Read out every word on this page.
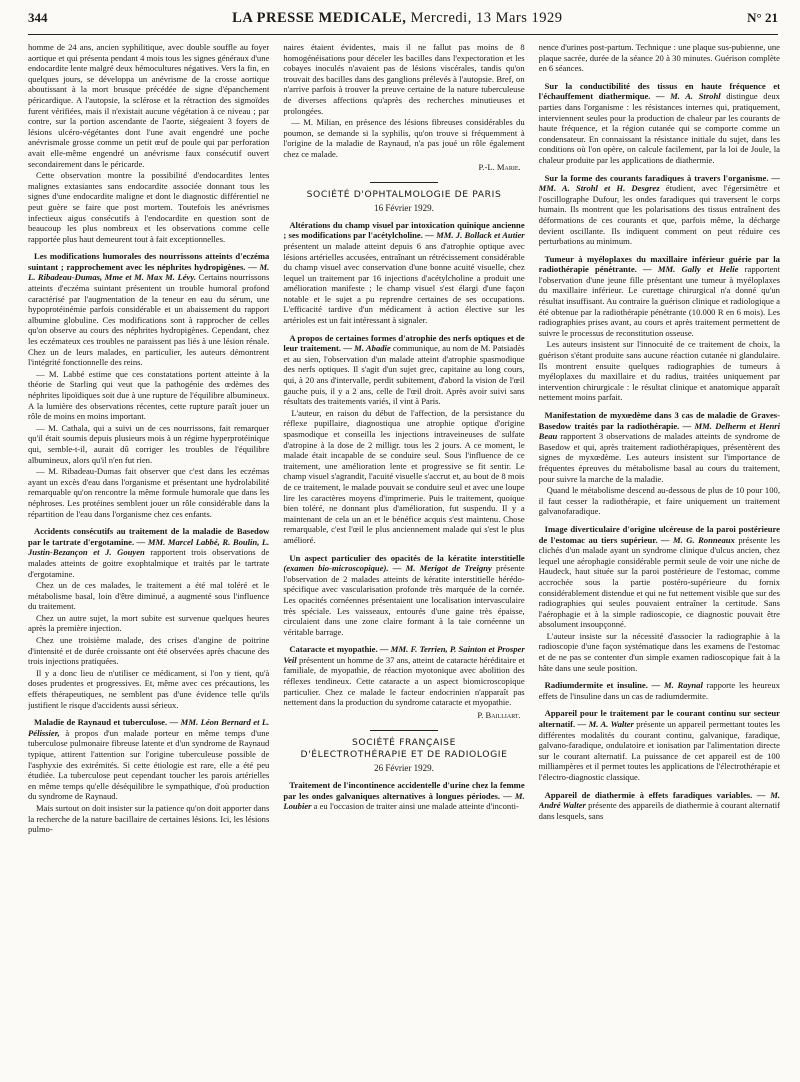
344	LA PRESSE MEDICALE, Mercredi, 13 Mars 1929	N° 21

homme de 24 ans, ancien syphilitique, avec double souffle au foyer aortique et qui présenta pendant 4 mois tous les signes généraux d'une endocardite lente malgré deux hémocultures négatives. Vers la fin, en quelques jours, se développa un anévrisme de la crosse aortique aboutissant à la mort brusque précédée de signe d'épanchement péricardique. A l'autopsie, la sclérose et la rétraction des sigmoïdes furent vérifiées, mais il n'existait aucune végétation à ce niveau ; par contre, sur la portion ascendante de l'aorte, siégeaient 3 foyers de lésions ulcéro-végétantes dont l'une avait engendré une poche anévrismale grosse comme un petit œuf de poule qui par perforation avait elle-même engendré un anévrisme faux consécutif ouvert secondairement dans le péricarde.

Cette observation montre la possibilité d'endocardites lentes malignes extasiantes sans endocardite associée donnant tous les signes d'une endocardite maligne et dont le diagnostic différentiel ne peut guère se faire que post mortem. Toutefois les anévrismes infectieux aigus consécutifs à l'endocardite en question sont de beaucoup les plus nombreux et les observations comme celle rapportée plus haut demeurent tout à fait exceptionnelles.

Les modifications humorales des nourrissons atteints d'eczéma suintant ; rapprochement avec les néphrites hydropigènes. — M. L. Ribadeau-Dumas, Mme et M. Max M. Lévy. Certains nourrissons atteints d'eczéma suintant présentent un trouble humoral profond caractérisé par l'augmentation de la teneur en eau du sérum, une hypoprotéinémie parfois considérable et un abaissement du rapport albumine globuline. Ces modifications sont à rapprocher de celles qu'on observe au cours des néphrites hydropigènes. Cependant, chez les eczémateux ces troubles ne paraissent pas liés à une lésion rénale. Chez un de leurs malades, en particulier, les auteurs démontrent l'intégrité fonctionnelle des reins.

— M. Labbé estime que ces constatations portent atteinte à la théorie de Starling qui veut que la pathogénie des œdèmes des néphrites lipoïdiques soit due à une rupture de l'équilibre albumineux. A la lumière des observations récentes, cette rupture paraît jouer un rôle de moins en moins important.

— M. Cathala, qui a suivi un de ces nourrissons, fait remarquer qu'il était soumis depuis plusieurs mois à un régime hyperprotéinique qui, semble-t-il, aurait dû corriger les troubles de l'équilibre albumineux, alors qu'il n'en fut rien.

— M. Ribadeau-Dumas fait observer que c'est dans les eczémas ayant un excès d'eau dans l'organisme et présentant une hydrolabilité remarquable qu'on rencontre la même formule humorale que dans les néphroses. Les protéines semblent jouer un rôle considérable dans la répartition de l'eau dans l'organisme chez ces enfants.

Accidents consécutifs au traitement de la maladie de Basedow par le tartrate d'ergotamine. — MM. Marcel Labbé, R. Boulin, L. Justin-Bezançon et J. Gouyen rapportent trois observations de malades atteints de goitre exophtalmique et traités par le tartrate d'ergotamine.

Chez un de ces malades, le traitement a été mal toléré et le métabolisme basal, loin d'être diminué, a augmenté sous l'influence du traitement.

Chez un autre sujet, la mort subite est survenue quelques heures après la première injection.

Chez une troisième malade, des crises d'angine de poitrine d'intensité et de durée croissante ont été observées après chacune des trois injections pratiquées.

Il y a donc lieu de n'utiliser ce médicament, si l'on y tient, qu'à doses prudentes et progressives. Et, même avec ces précautions, les effets thérapeutiques, ne semblent pas d'une évidence telle qu'ils justifient le risque d'accidents aussi sérieux.

Maladie de Raynaud et tuberculose. — MM. Léon Bernard et L. Pélissier, à propos d'un malade porteur en même temps d'une tuberculose pulmonaire fibreuse latente et d'un syndrome de Raynaud typique, attirent l'attention sur l'origine tuberculeuse possible de l'asphyxie des extrémités. Si cette étiologie est rare, elle a été peu étudiée. La tuberculose peut cependant toucher les parois artérielles en même temps qu'elle déséquilibre le sympathique, d'où production du syndrome de Raynaud.

Mais surtout on doit insister sur la patience qu'on doit apporter dans la recherche de la nature bacillaire de certaines lésions. Ici, les lésions pulmo-

naires étaient évidentes, mais il ne fallut pas moins de 8 homogénéisations pour déceler les bacilles dans l'expectoration et les cobayes inoculés n'avaient pas de lésions viscérales, tandis qu'on trouvait des bacilles dans des ganglions prélevés à l'autopsie. Bref, on n'arrive parfois à trouver la preuve certaine de la nature tuberculeuse de diverses affections qu'après des recherches minutieuses et prolongées.

— M. Milian, en présence des lésions fibreuses considérables du poumon, se demande si la syphilis, qu'on trouve si fréquemment à l'origine de la maladie de Raynaud, n'a pas joué un rôle également chez ce malade.

P.-L. Marie.
SOCIÉTÉ D'OPHTALMOLOGIE DE PARIS
16 Février 1929.

Altérations du champ visuel par intoxication quinique ancienne ; ses modifications par l'acétylcholine. — MM. J. Bollack et Autier présentent un malade atteint depuis 6 ans d'atrophie optique avec lésions artérielles accusées, entraînant un rétrécissement considérable du champ visuel avec conservation d'une bonne acuité visuelle, chez lequel un traitement par 16 injections d'acétylcholine a produit une amélioration manifeste ; le champ visuel s'est élargi d'une façon notable et le sujet a pu reprendre certaines de ses occupations. L'efficacité tardive d'un médicament à action élective sur les artérioles est un fait intéressant à signaler.

A propos de certaines formes d'atrophie des nerfs optiques et de leur traitement. — M. Abadie communique, au nom de M. Patsiadès et au sien, l'observation d'un malade atteint d'atrophie spasmodique des nerfs optiques. Il s'agit d'un sujet grec, capitaine au long cours, qui, à 20 ans d'intervalle, perdit subitement, d'abord la vision de l'œil gauche puis, il y a 2 ans, celle de l'œil droit. Après avoir suivi sans résultats des traitements variés, il vint à Paris.

L'auteur, en raison du début de l'affection, de la persistance du réflexe pupillaire, diagnostiqua une atrophie optique d'origine spasmodique et conseilla les injections intraveineuses de sulfate d'atropine à la dose de 2 milligr. tous les 2 jours. A ce moment, le malade était incapable de se conduire seul. Sous l'influence de ce traitement, une amélioration lente et progressive se fit sentir. Le champ visuel s'agrandit, l'acuité visuelle s'accrut et, au bout de 8 mois de ce traitement, le malade pouvait se conduire seul et avec une loupe lire les caractères moyens d'imprimerie. Puis le traitement, quoique bien toléré, ne donnant plus d'amélioration, fut suspendu. Il y a maintenant de cela un an et le bénéfice acquis s'est maintenu. Chose remarquable, c'est l'œil le plus anciennement malade qui s'est le plus amélioré.

Un aspect particulier des opacités de la kératite interstitielle (examen bio-microscopique). — M. Merigot de Treigny présente l'observation de 2 malades atteints de kératite interstitielle hérédo-spécifique avec vascularisation profonde très marquée de la cornée. Les opacités cornéennes présentaient une localisation intervasculaire très spéciale. Les vaisseaux, entourés d'une gaine très épaisse, circulaient dans une zone claire formant à la taie cornéenne un véritable barrage.

Cataracte et myopathie. — MM. F. Terrien, P. Sainton et Prosper Veil présentent un homme de 37 ans, atteint de cataracte héréditaire et familiale, de myopathie, de réaction myotonique avec abolition des réflexes tendineux. Cette cataracte a un aspect biomicroscopique particulier. Chez ce malade le facteur endocrinien n'apparaît pas nettement dans la production du syndrome cataracte et myopathie.

P. Bailliart.
SOCIÉTÉ FRANÇAISE
D'ÉLECTROTHÉRAPIE ET DE RADIOLOGIE
26 Février 1929.

Traitement de l'incontinence accidentelle d'urine chez la femme par les ondes galvaniques alternatives à longues périodes. — M. Loubier a eu l'occasion de traiter ainsi une malade atteinte d'inconti-

nence d'urines post-partum. Technique : une plaque sus-pubienne, une plaque sacrée, durée de la séance 20 à 30 minutes. Guérison complète en 6 séances.

Sur la conductibilité des tissus en haute fréquence et l'échauffement diathermique. — M. A. Strohl distingue deux parties dans l'organisme : les résistances internes qui, pratiquement, interviennent seules pour la production de chaleur par les courants de haute fréquence, et la région cutanée qui se comporte comme un condensateur. En connaissant la résistance initiale du sujet, dans les conditions où l'on opère, on calcule facilement, par la loi de Joule, la chaleur produite par les applications de diathermie.

Sur la forme des courants faradiques à travers l'organisme. — MM. A. Strohl et H. Desgrez étudient, avec l'égersimètre et l'oscillographe Dufour, les ondes faradiques qui traversent le corps humain. Ils montrent que les polarisations des tissus entraînent des déformations de ces courants et que, parfois même, la décharge devient oscillante. Ils indiquent comment on peut réduire ces perturbations au minimum.

Tumeur à myéloplaxes du maxillaire inférieur guérie par la radiothérapie pénétrante. — MM. Gally et Helie rapportent l'observation d'une jeune fille présentant une tumeur à myéloplaxes du maxillaire inférieur. Le curettage chirurgical n'a donné qu'un résultat insuffisant. Au contraire la guérison clinique et radiologique a été obtenue par la radiothérapie pénétrante (10.000 R en 6 mois). Les radiographies prises avant, au cours et après traitement permettent de suivre le processus de reconstitution osseuse.

Les auteurs insistent sur l'innocuité de ce traitement de choix, la guérison s'étant produite sans aucune réaction cutanée ni glandulaire. Ils montrent ensuite quelques radiographies de tumeurs à myéloplaxes du maxillaire et du radius, traitées uniquement par intervention chirurgicale : le résultat clinique et anatomique apparaît nettement moins parfait.

Manifestation de myxœdème dans 3 cas de maladie de Graves-Basedow traités par la radiothérapie. — MM. Delherm et Henri Beau rapportent 3 observations de malades atteints de syndrome de Basedow et qui, après traitement radiothérapiques, présentèrent des signes de myxœdème. Les auteurs insistent sur l'importance de fréquentes épreuves du métabolisme basal au cours du traitement, pour suivre la marche de la maladie.

Quand le métabolisme descend au-dessous de plus de 10 pour 100, il faut cesser la radiothérapie, et faire uniquement un traitement galvanofaradique.

Image diverticulaire d'origine ulcéreuse de la paroi postérieure de l'estomac au tiers supérieur. — M. G. Ronneaux présente les clichés d'un malade ayant un syndrome clinique d'ulcus ancien, chez lequel une aérophagie considérable permit seule de voir une niche de Haudeck, haut située sur la paroi postérieure de l'estomac, comme accrochée sous la partie postéro-supérieure du fornix considérablement distendue et qui ne fut nettement visible que sur des radiographies qui seules pouvaient entraîner la certitude. Sans l'aérophagie et à la simple radioscopie, ce diagnostic pouvait être absolument insoupçonné.

L'auteur insiste sur la nécessité d'associer la radiographie à la radioscopie d'une façon systématique dans les examens de l'estomac et de ne pas se contenter d'un simple examen radioscopique fait à la hâte dans une seule position.

Radiumdermite et insuline. — M. Raynal rapporte les heureux effets de l'insuline dans un cas de radiumdermite.

Appareil pour le traitement par le courant continu sur secteur alternatif. — M. A. Walter présente un appareil permettant toutes les différentes modalités du courant continu, galvanique, faradique, galvano-faradique, ondulatoire et ionisation par l'alimentation directe sur le courant alternatif. La puissance de cet appareil est de 100 milliampères et il permet toutes les applications de l'électrothérapie et l'électro-diagnostic classique.

Appareil de diathermie à effets faradiques variables. — M. André Walter présente des appareils de diathermie à courant alternatif dans lesquels, sans
